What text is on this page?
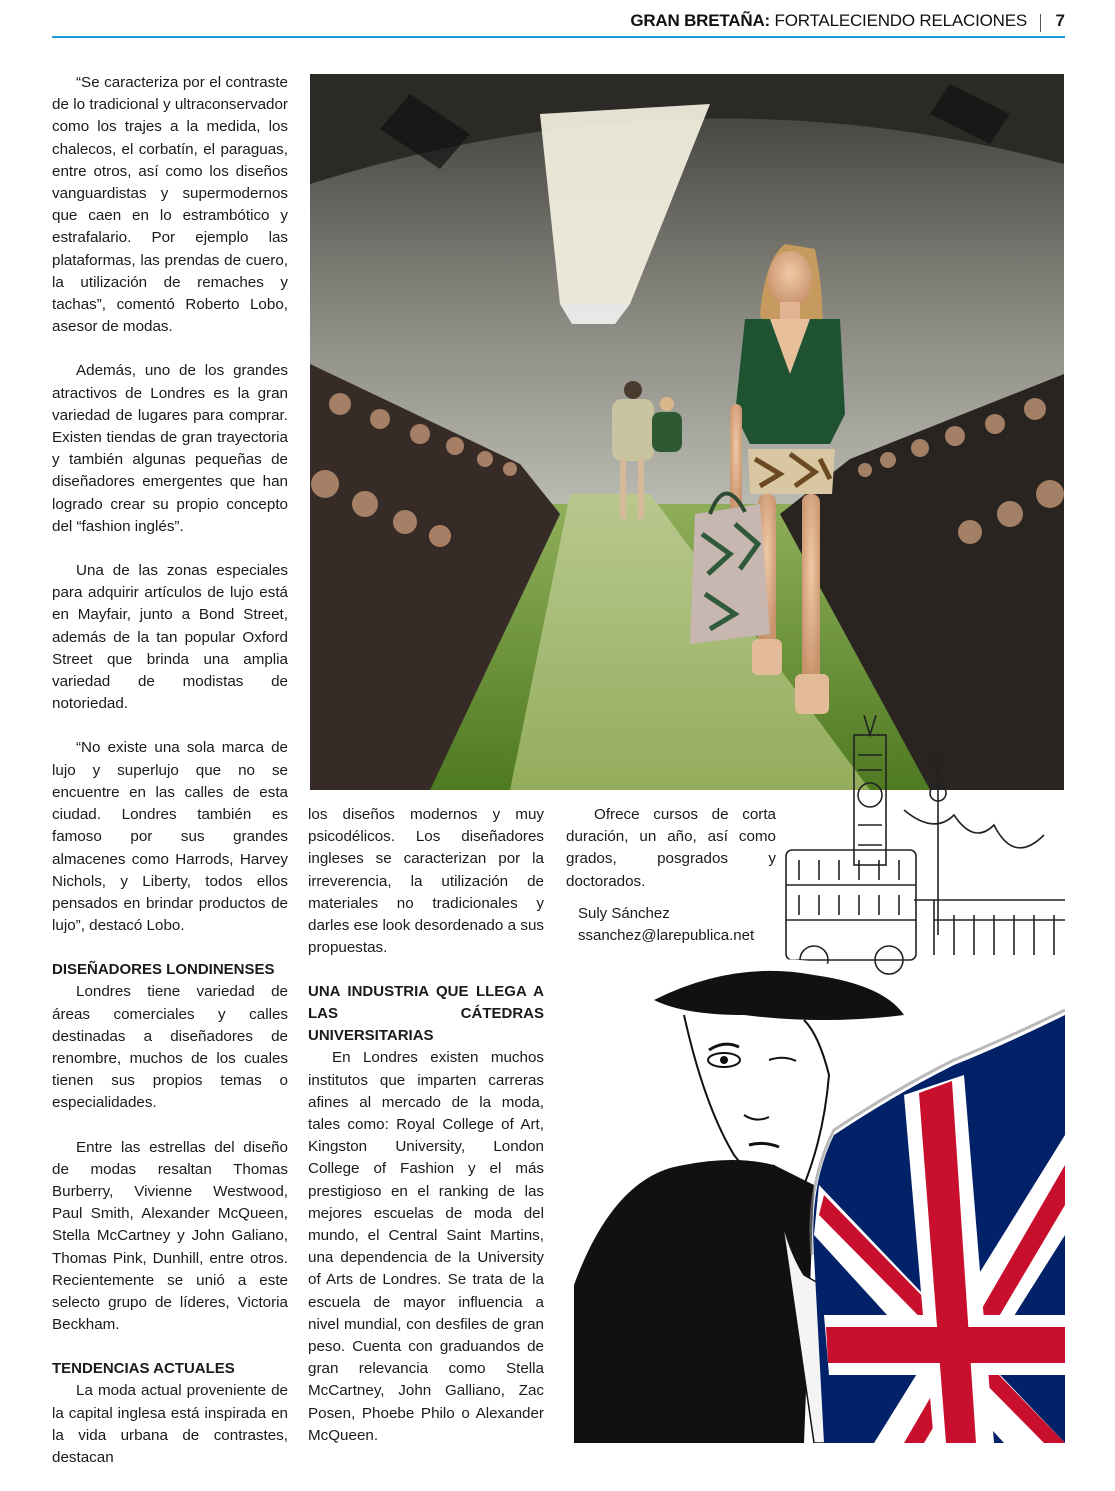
GRAN BRETAÑA: FORTALECIENDO RELACIONES 7

“Se caracteriza por el contraste de lo tradicional y ultraconservador como los trajes a la medida, los chalecos, el corbatín, el paraguas, entre otros, así como los diseños vanguardistas y supermodernos que caen en lo estrambótico y estrafalario. Por ejemplo las plataformas, las prendas de cuero, la utilización de remaches y tachas”, comentó Roberto Lobo, asesor de modas.

Además, uno de los grandes atractivos de Londres es la gran variedad de lugares para comprar. Existen tiendas de gran trayectoria y también algunas pequeñas de diseñadores emergentes que han logrado crear su propio concepto del “fashion inglés”.

Una de las zonas especiales para adquirir artículos de lujo está en Mayfair, junto a Bond Street, además de la tan popular Oxford Street que brinda una amplia variedad de modistas de notoriedad.

“No existe una sola marca de lujo y superlujo que no se encuentre en las calles de esta ciudad. Londres también es famoso por sus grandes almacenes como Harrods, Harvey Nichols, y Liberty, todos ellos pensados en brindar productos de lujo”, destacó Lobo.

DISEÑADORES LONDINENSES

Londres tiene variedad de áreas comerciales y calles destinadas a diseñadores de renombre, muchos de los cuales tienen sus propios temas o especialidades.

Entre las estrellas del diseño de modas resaltan Thomas Burberry, Vivienne Westwood, Paul Smith, Alexander McQueen, Stella McCartney y John Galiano, Thomas Pink, Dunhill, entre otros. Recientemente se unió a este selecto grupo de líderes, Victoria Beckham.

TENDENCIAS ACTUALES

La moda actual proveniente de la capital inglesa está inspirada en la vida urbana de contrastes, destacan

los diseños modernos y muy psicodélicos. Los diseñadores ingleses se caracterizan por la irreverencia, la utilización de materiales no tradicionales y darles ese look desordenado a sus propuestas.

UNA INDUSTRIA QUE LLEGA A LAS CÁTEDRAS UNIVERSITARIAS

En Londres existen muchos institutos que imparten carreras afines al mercado de la moda, tales como: Royal College of Art, Kingston University, London College of Fashion y el más prestigioso en el ranking de las mejores escuelas de moda del mundo, el Central Saint Martins, una dependencia de la University of Arts de Londres. Se trata de la escuela de mayor influencia a nivel mundial, con desfiles de gran peso. Cuenta con graduandos de gran relevancia como Stella McCartney, John Galliano, Zac Posen, Phoebe Philo o Alexander McQueen.

Ofrece cursos de corta duración, un año, así como grados, posgrados y doctorados.

Suly Sánchez
ssanchez@larepublica.net
